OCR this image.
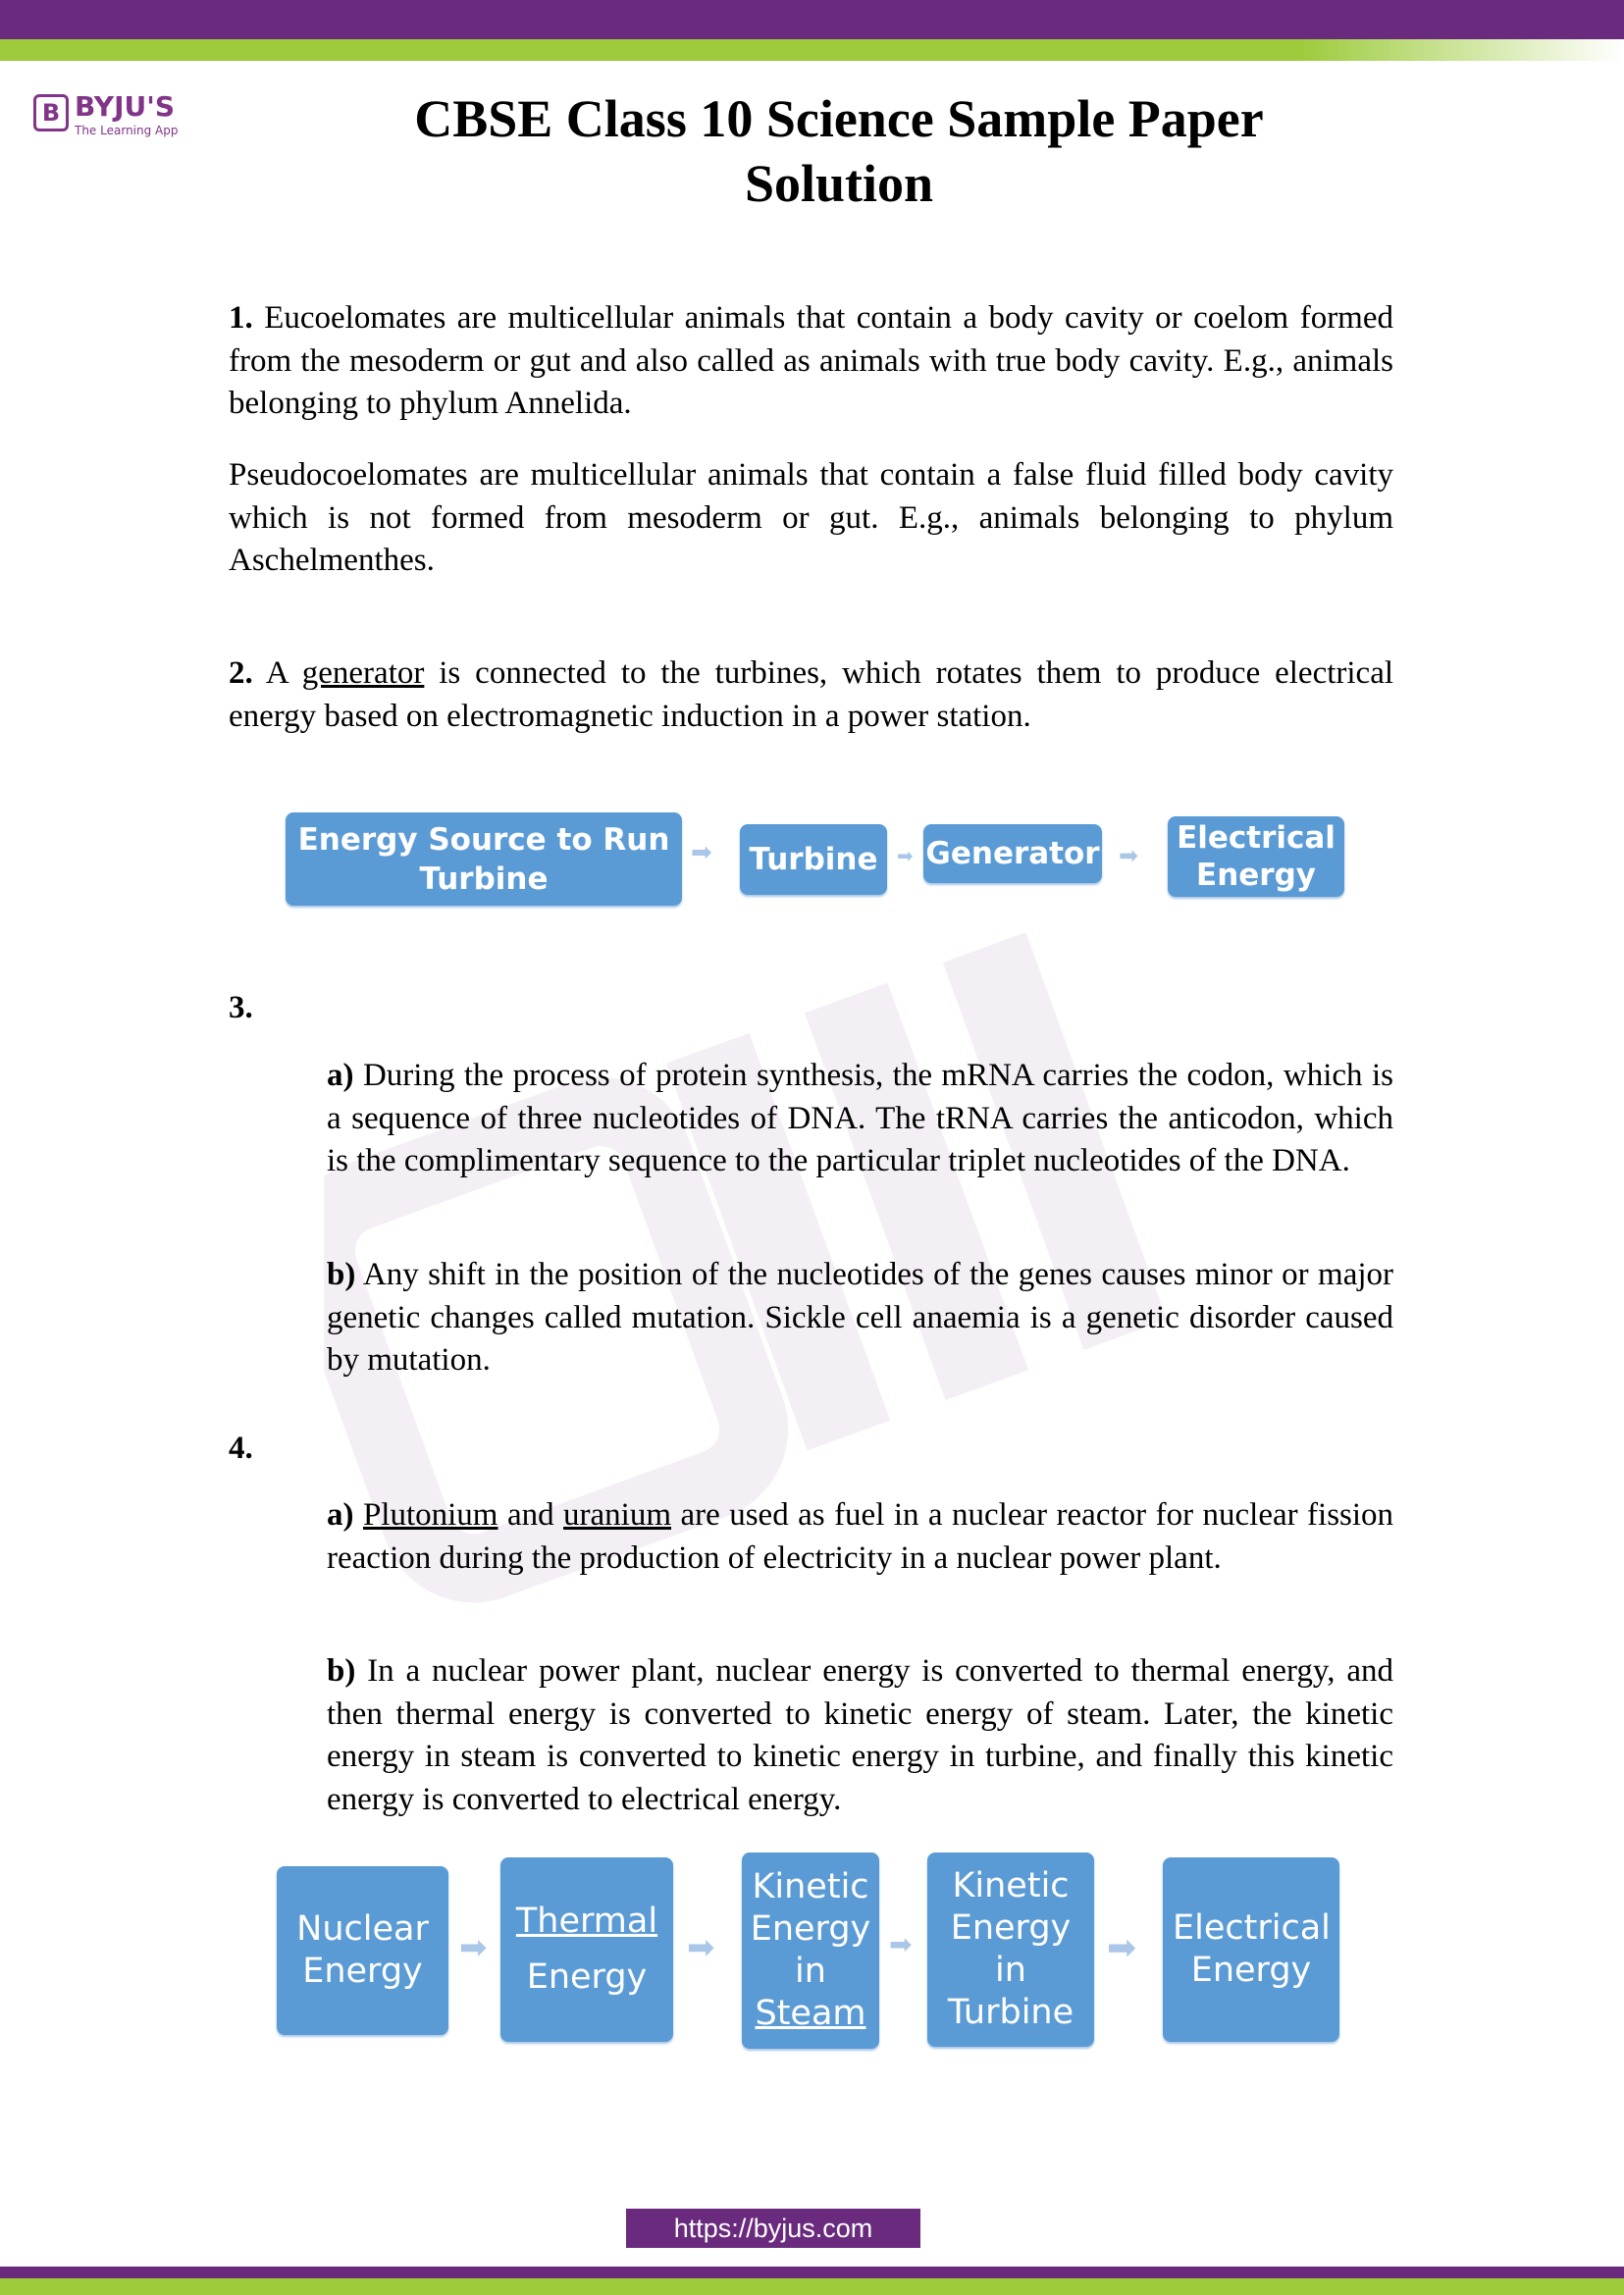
B BYJU'S
The Learning App	CBSE Class 10 Science Sample Paper
Solution

1. Eucoelomates are multicellular animals that contain a body cavity or coelom formed from the mesoderm or gut and also called as animals with true body cavity. E.g., animals belonging to phylum Annelida.

Pseudocoelomates are multicellular animals that contain a false fluid filled body cavity which is not formed from mesoderm or gut. E.g., animals belonging to phylum Aschelmenthes.

2. A generator is connected to the turbines, which rotates them to produce electrical energy based on electromagnetic induction in a power station.

Energy Source to Run Turbine
➡ Turbine ➡ Generator ➡ Electrical Energy
3.

a) During the process of protein synthesis, the mRNA carries the codon, which is a sequence of three nucleotides of DNA. The tRNA carries the anticodon, which is the complimentary sequence to the particular triplet nucleotides of the DNA.

b) Any shift in the position of the nucleotides of the genes causes minor or major genetic changes called mutation. Sickle cell anaemia is a genetic disorder caused by mutation.

4.

a) Plutonium and uranium are used as fuel in a nuclear reactor for nuclear fission reaction during the production of electricity in a nuclear power plant.

b) In a nuclear power plant, nuclear energy is converted to thermal energy, and then thermal energy is converted to kinetic energy of steam. Later, the kinetic energy in steam is converted to kinetic energy in turbine, and finally this kinetic energy is converted to electrical energy.

Nuclear Energy
➡
Thermal
Energy
➡
Kinetic
Energy
in
Steam
➡
Kinetic
Energy
in
Turbine
➡ Electrical Energy
https://byjus.com
